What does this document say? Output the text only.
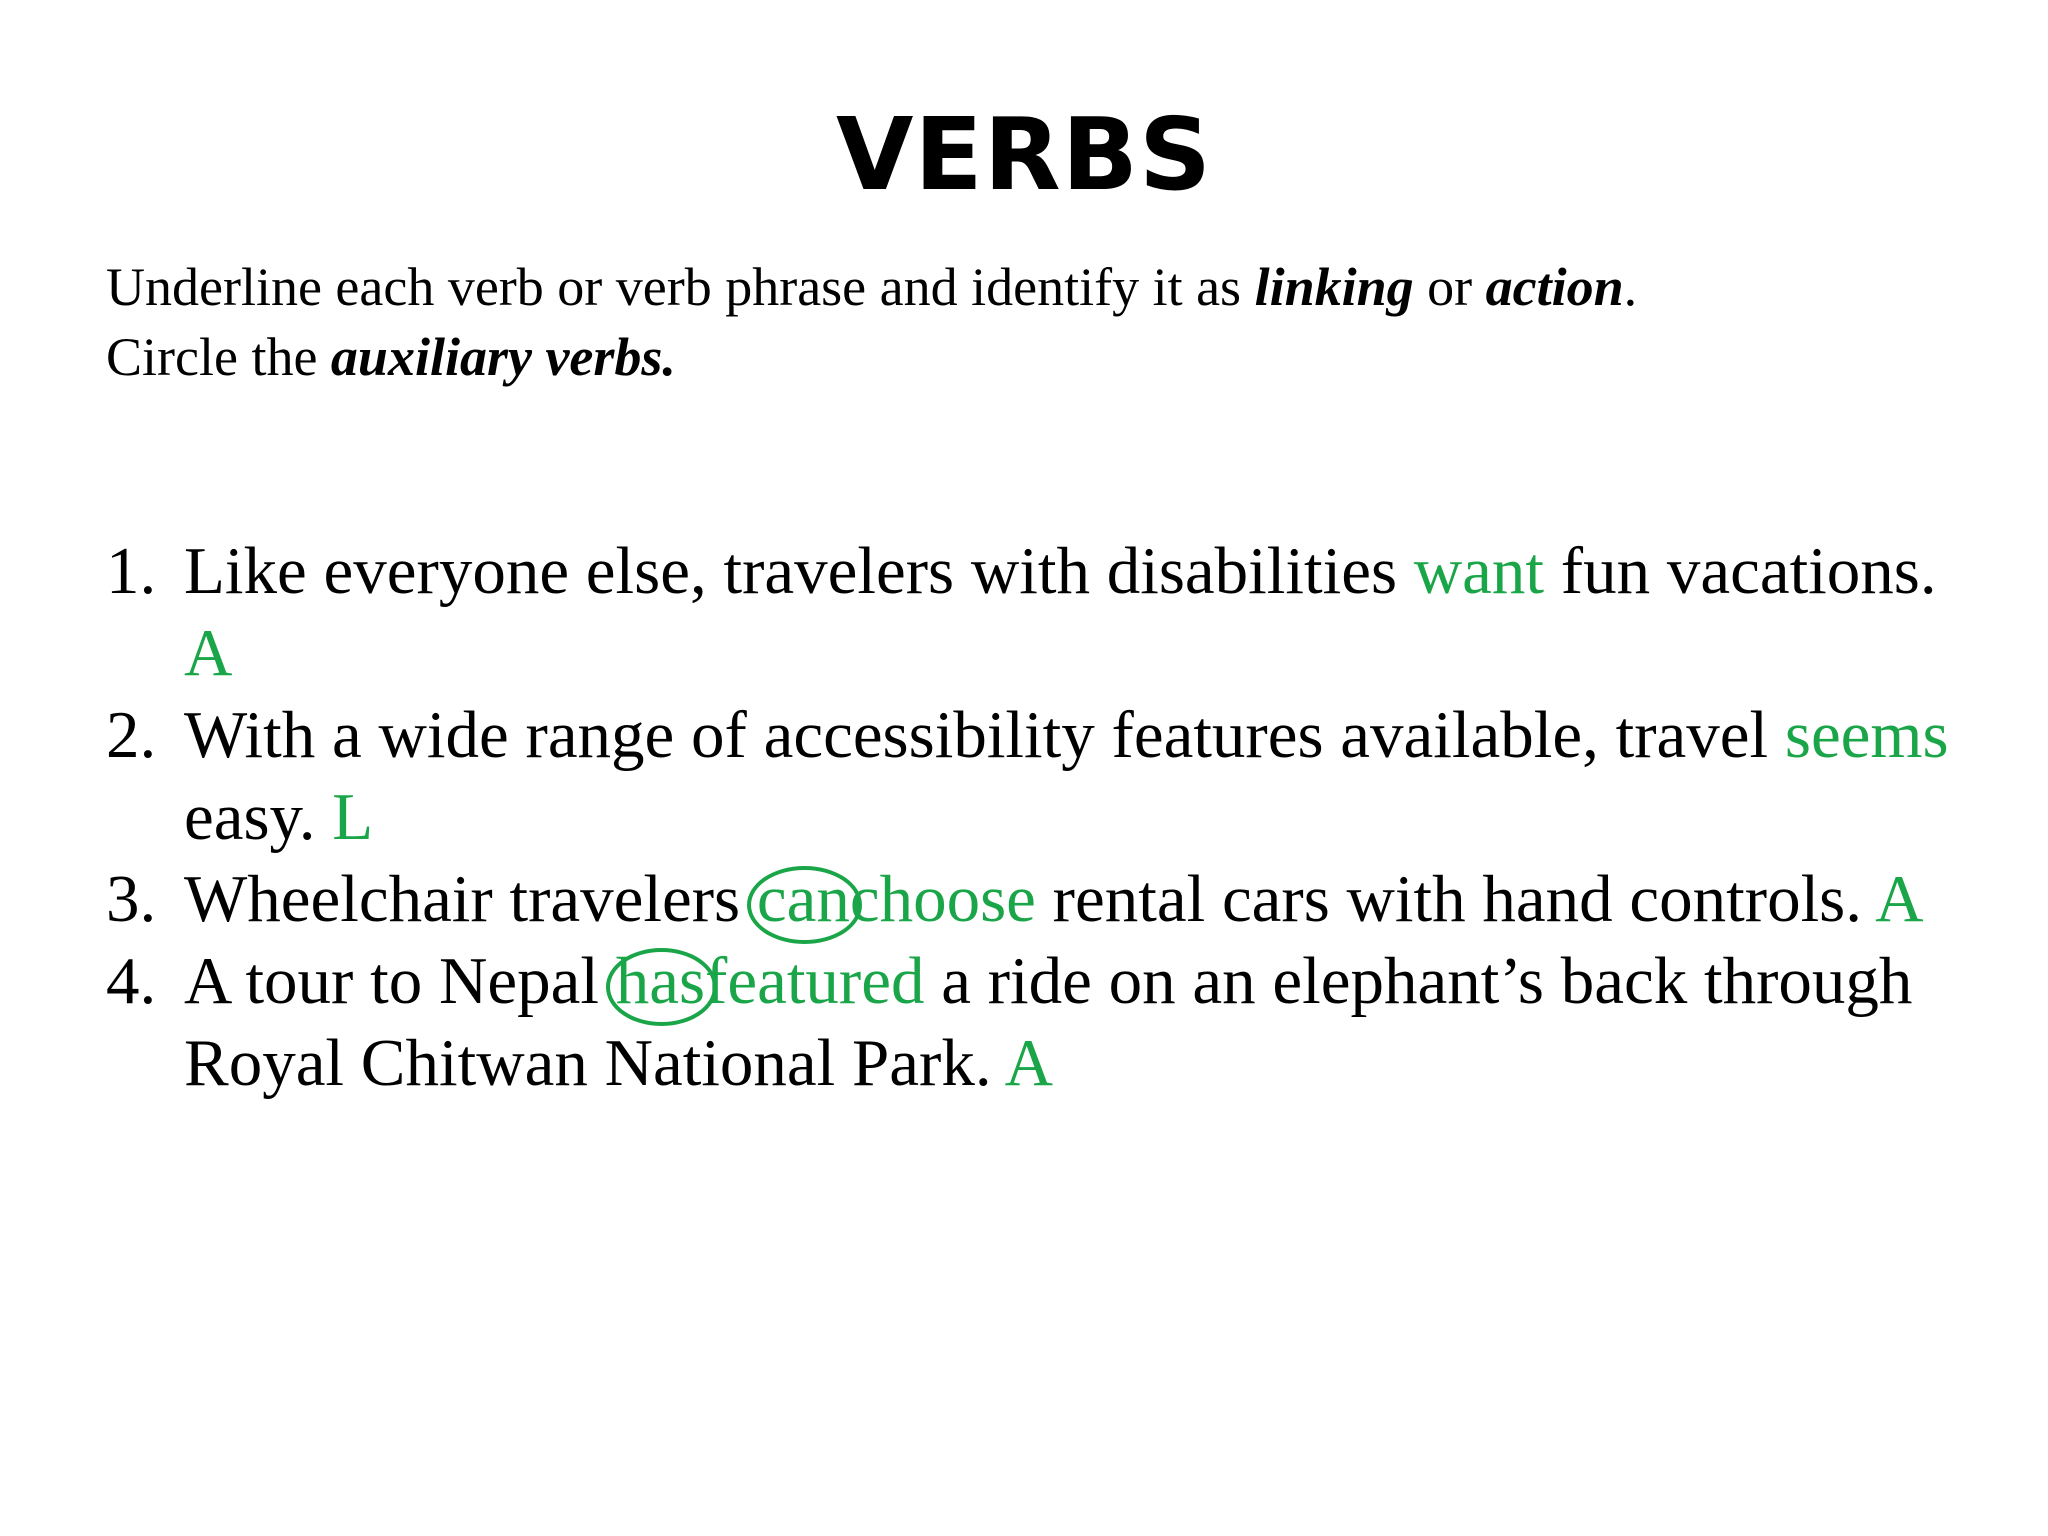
VERBS
Underline each verb or verb phrase and identify it as linking or action.
Circle the auxiliary verbs.
1. Like everyone else, travelers with disabilities want fun vacations. A
2. With a wide range of accessibility features available, travel seems easy. L
3. Wheelchair travelers can
choose rental cars with hand controls. A
4. A tour to Nepal has
featured a ride on an elephant’s back through Royal Chitwan National Park. A
